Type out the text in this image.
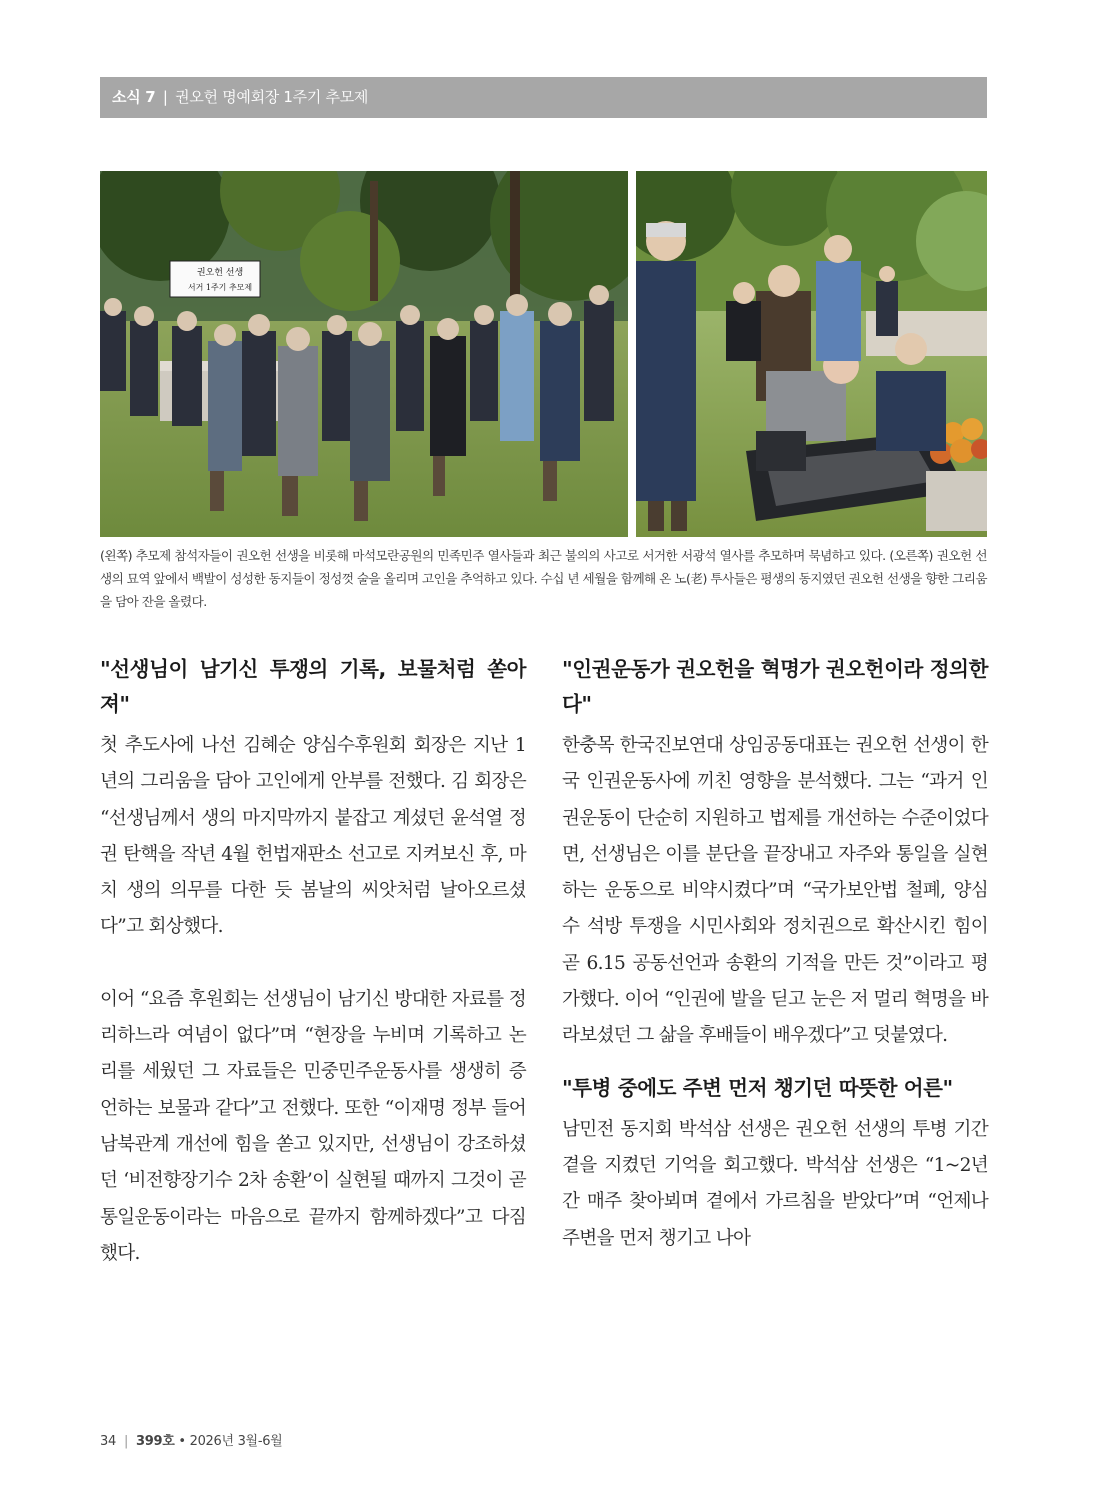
소식 7 | 권오헌 명예회장 1주기 추모제
권오헌 선생
서거 1주기 추모제
(왼쪽) 추모제 참석자들이 권오헌 선생을 비롯해 마석모란공원의 민족민주 열사들과 최근 불의의 사고로 서거한 서광석 열사를 추모하며 묵념하고 있다. (오른쪽) 권오헌 선생의 묘역 앞에서 백발이 성성한 동지들이 정성껏 술을 올리며 고인을 추억하고 있다. 수십 년 세월을 함께해 온 노(老) 투사들은 평생의 동지였던 권오헌 선생을 향한 그리움을 담아 잔을 올렸다.
"선생님이 남기신 투쟁의 기록, 보물처럼 쏟아져"

첫 추도사에 나선 김혜순 양심수후원회 회장은 지난 1년의 그리움을 담아 고인에게 안부를 전했다. 김 회장은 “선생님께서 생의 마지막까지 붙잡고 계셨던 윤석열 정권 탄핵을 작년 4월 헌법재판소 선고로 지켜보신 후, 마치 생의 의무를 다한 듯 봄날의 씨앗처럼 날아오르셨다”고 회상했다.

이어 “요즘 후원회는 선생님이 남기신 방대한 자료를 정리하느라 여념이 없다”며 “현장을 누비며 기록하고 논리를 세웠던 그 자료들은 민중민주운동사를 생생히 증언하는 보물과 같다”고 전했다. 또한 “이재명 정부 들어 남북관계 개선에 힘을 쏟고 있지만, 선생님이 강조하셨던 ‘비전향장기수 2차 송환’이 실현될 때까지 그것이 곧 통일운동이라는 마음으로 끝까지 함께하겠다”고 다짐했다.

"인권운동가 권오헌을 혁명가 권오헌이라 정의한다"

한충목 한국진보연대 상임공동대표는 권오헌 선생이 한국 인권운동사에 끼친 영향을 분석했다. 그는 “과거 인권운동이 단순히 지원하고 법제를 개선하는 수준이었다면, 선생님은 이를 분단을 끝장내고 자주와 통일을 실현하는 운동으로 비약시켰다”며 “국가보안법 철폐, 양심수 석방 투쟁을 시민사회와 정치권으로 확산시킨 힘이 곧 6.15 공동선언과 송환의 기적을 만든 것”이라고 평가했다. 이어 “인권에 발을 딛고 눈은 저 멀리 혁명을 바라보셨던 그 삶을 후배들이 배우겠다”고 덧붙였다.

"투병 중에도 주변 먼저 챙기던 따뜻한 어른"

남민전 동지회 박석삼 선생은 권오헌 선생의 투병 기간 곁을 지켰던 기억을 회고했다. 박석삼 선생은 “1~2년간 매주 찾아뵈며 곁에서 가르침을 받았다”며 “언제나 주변을 먼저 챙기고 나아

34 | 399호 • 2026년 3월-6월
